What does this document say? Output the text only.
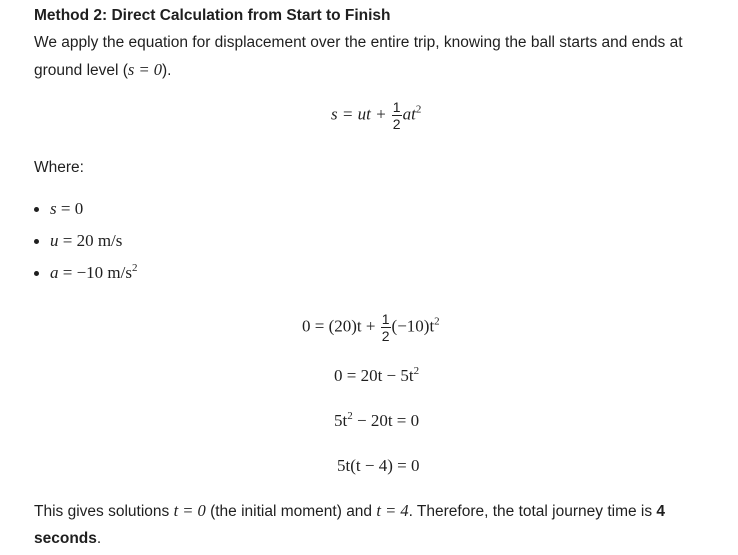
Method 2: Direct Calculation from Start to Finish
We apply the equation for displacement over the entire trip, knowing the ball starts and ends at ground level (s = 0).
s = ut + $\frac{1}{2} at^2$
Where:
s = 0
u = 20 m/s
a = −10 $m/s^2$
$0 = (20)t + \frac{1}{2} (-10)t^2$
$0 = 20t - 5t^2$
$5t^2 - 20t = 0$
5t(t − 4) = 0
This gives solutions t = 0 (the initial moment) and t = 4. Therefore, the total journey time is 4 seconds.
